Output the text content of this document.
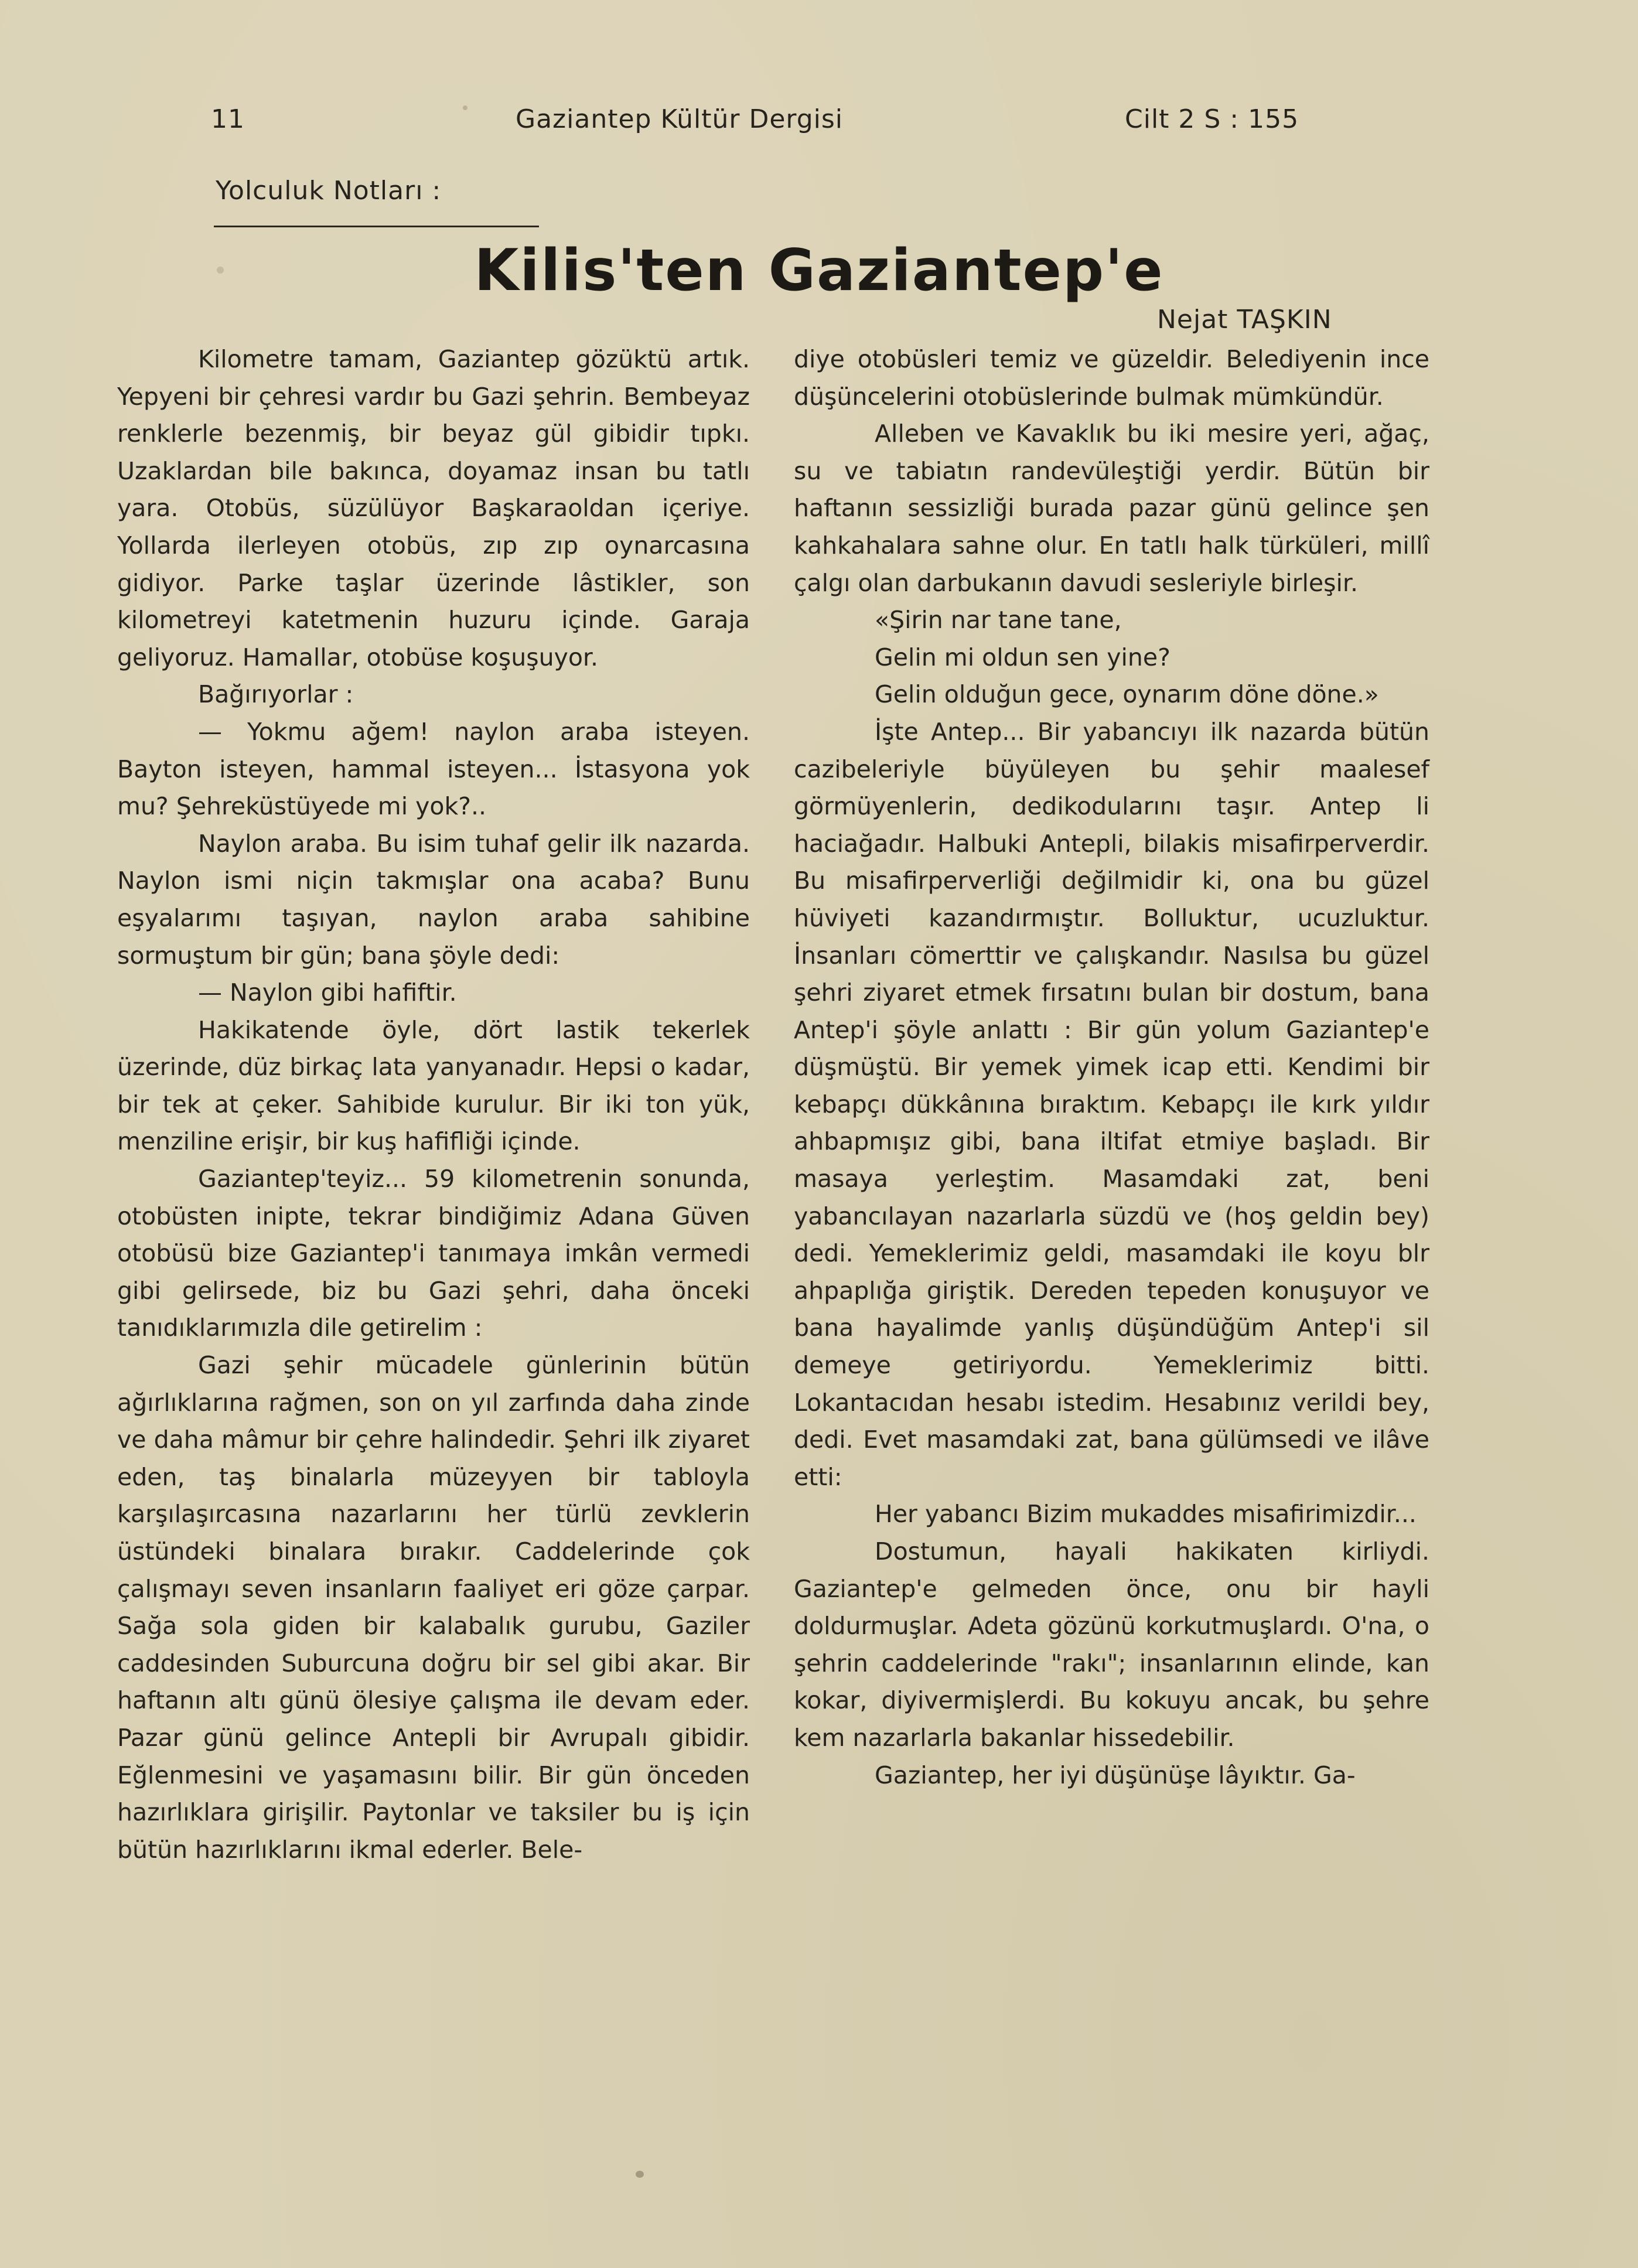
11	Gaziantep Kültür Dergisi	Cilt 2 S : 155
Yolculuk Notları :
Kilis'ten Gaziantep'e
Nejat TAŞKIN

Kilometre tamam, Gaziantep gözüktü artık. Yepyeni bir çehresi vardır bu Gazi şehrin. Bembeyaz renklerle bezenmiş, bir beyaz gül gibidir tıpkı. Uzaklardan bile bakınca, doyamaz insan bu tatlı yara. Otobüs, süzülüyor Başkaraoldan içeriye. Yollarda ilerleyen otobüs, zıp zıp oynarcasına gidiyor. Parke taşlar üzerinde lâstikler, son kilometreyi katetmenin huzuru içinde. Garaja geliyoruz. Hamallar, otobüse koşuşuyor.

Bağırıyorlar :

— Yokmu ağem! naylon araba isteyen. Bayton isteyen, hammal isteyen... İstasyona yok mu? Şehreküstüyede mi yok?..

Naylon araba. Bu isim tuhaf gelir ilk nazarda. Naylon ismi niçin takmışlar ona acaba? Bunu eşyalarımı taşıyan, naylon araba sahibine sormuştum bir gün; bana şöyle dedi:

— Naylon gibi hafiftir.

Hakikatende öyle, dört lastik tekerlek üzerinde, düz birkaç lata yanyanadır. Hepsi o kadar, bir tek at çeker. Sahibide kurulur. Bir iki ton yük, menziline erişir, bir kuş hafifliği içinde.

Gaziantep'teyiz... 59 kilometrenin sonunda, otobüsten inipte, tekrar bindiğimiz Adana Güven otobüsü bize Gaziantep'i tanımaya imkân vermedi gibi gelirsede, biz bu Gazi şehri, daha önceki tanıdıklarımızla dile getirelim :

Gazi şehir mücadele günlerinin bütün ağırlıklarına rağmen, son on yıl zarfında daha zinde ve daha mâmur bir çehre halindedir. Şehri ilk ziyaret eden, taş binalarla müzeyyen bir tabloyla karşılaşırcasına nazarlarını her türlü zevklerin üstündeki binalara bırakır. Caddelerinde çok çalışmayı seven insanların faaliyet eri göze çarpar. Sağa sola giden bir kalabalık gurubu, Gaziler caddesinden Suburcuna doğru bir sel gibi akar. Bir haftanın altı günü ölesiye çalışma ile devam eder. Pazar günü gelince Antepli bir Avrupalı gibidir. Eğlenmesini ve yaşamasını bilir. Bir gün önceden hazırlıklara girişilir. Paytonlar ve taksiler bu iş için bütün hazırlıklarını ikmal ederler. Bele-

diye otobüsleri temiz ve güzeldir. Belediyenin ince düşüncelerini otobüslerinde bulmak mümkündür.

Alleben ve Kavaklık bu iki mesire yeri, ağaç, su ve tabiatın randevüleştiği yerdir. Bütün bir haftanın sessizliği burada pazar günü gelince şen kahkahalara sahne olur. En tatlı halk türküleri, millî çalgı olan darbukanın davudi sesleriyle birleşir.

«Şirin nar tane tane,

Gelin mi oldun sen yine?

Gelin olduğun gece, oynarım döne döne.»

İşte Antep... Bir yabancıyı ilk nazarda bütün cazibeleriyle büyüleyen bu şehir maalesef görmüyenlerin, dedikodularını taşır. Antep li haciağadır. Halbuki Antepli, bilakis misafirperverdir. Bu misafirperverliği değilmidir ki, ona bu güzel hüviyeti kazandırmıştır. Bolluktur, ucuzluktur. İnsanları cömerttir ve çalışkandır. Nasılsa bu güzel şehri ziyaret etmek fırsatını bulan bir dostum, bana Antep'i şöyle anlattı : Bir gün yolum Gaziantep'e düşmüştü. Bir yemek yimek icap etti. Kendimi bir kebapçı dükkânına bıraktım. Kebapçı ile kırk yıldır ahbapmışız gibi, bana iltifat etmiye başladı. Bir masaya yerleştim. Masamdaki zat, beni yabancılayan nazarlarla süzdü ve (hoş geldin bey) dedi. Yemeklerimiz geldi, masamdaki ile koyu blr ahpaplığa giriştik. Dereden tepeden konuşuyor ve bana hayalimde yanlış düşündüğüm Antep'i sil demeye getiriyordu. Yemeklerimiz bitti. Lokantacıdan hesabı istedim. Hesabınız verildi bey, dedi. Evet masamdaki zat, bana gülümsedi ve ilâve etti:

Her yabancı Bizim mukaddes misafirimizdir...

Dostumun, hayali hakikaten kirliydi. Gaziantep'e gelmeden önce, onu bir hayli doldurmuşlar. Adeta gözünü korkutmuşlardı. O'na, o şehrin caddelerinde "rakı"; insanlarının elinde, kan kokar, diyivermişlerdi. Bu kokuyu ancak, bu şehre kem nazarlarla bakanlar hissedebilir.

Gaziantep, her iyi düşünüşe lâyıktır. Ga-
